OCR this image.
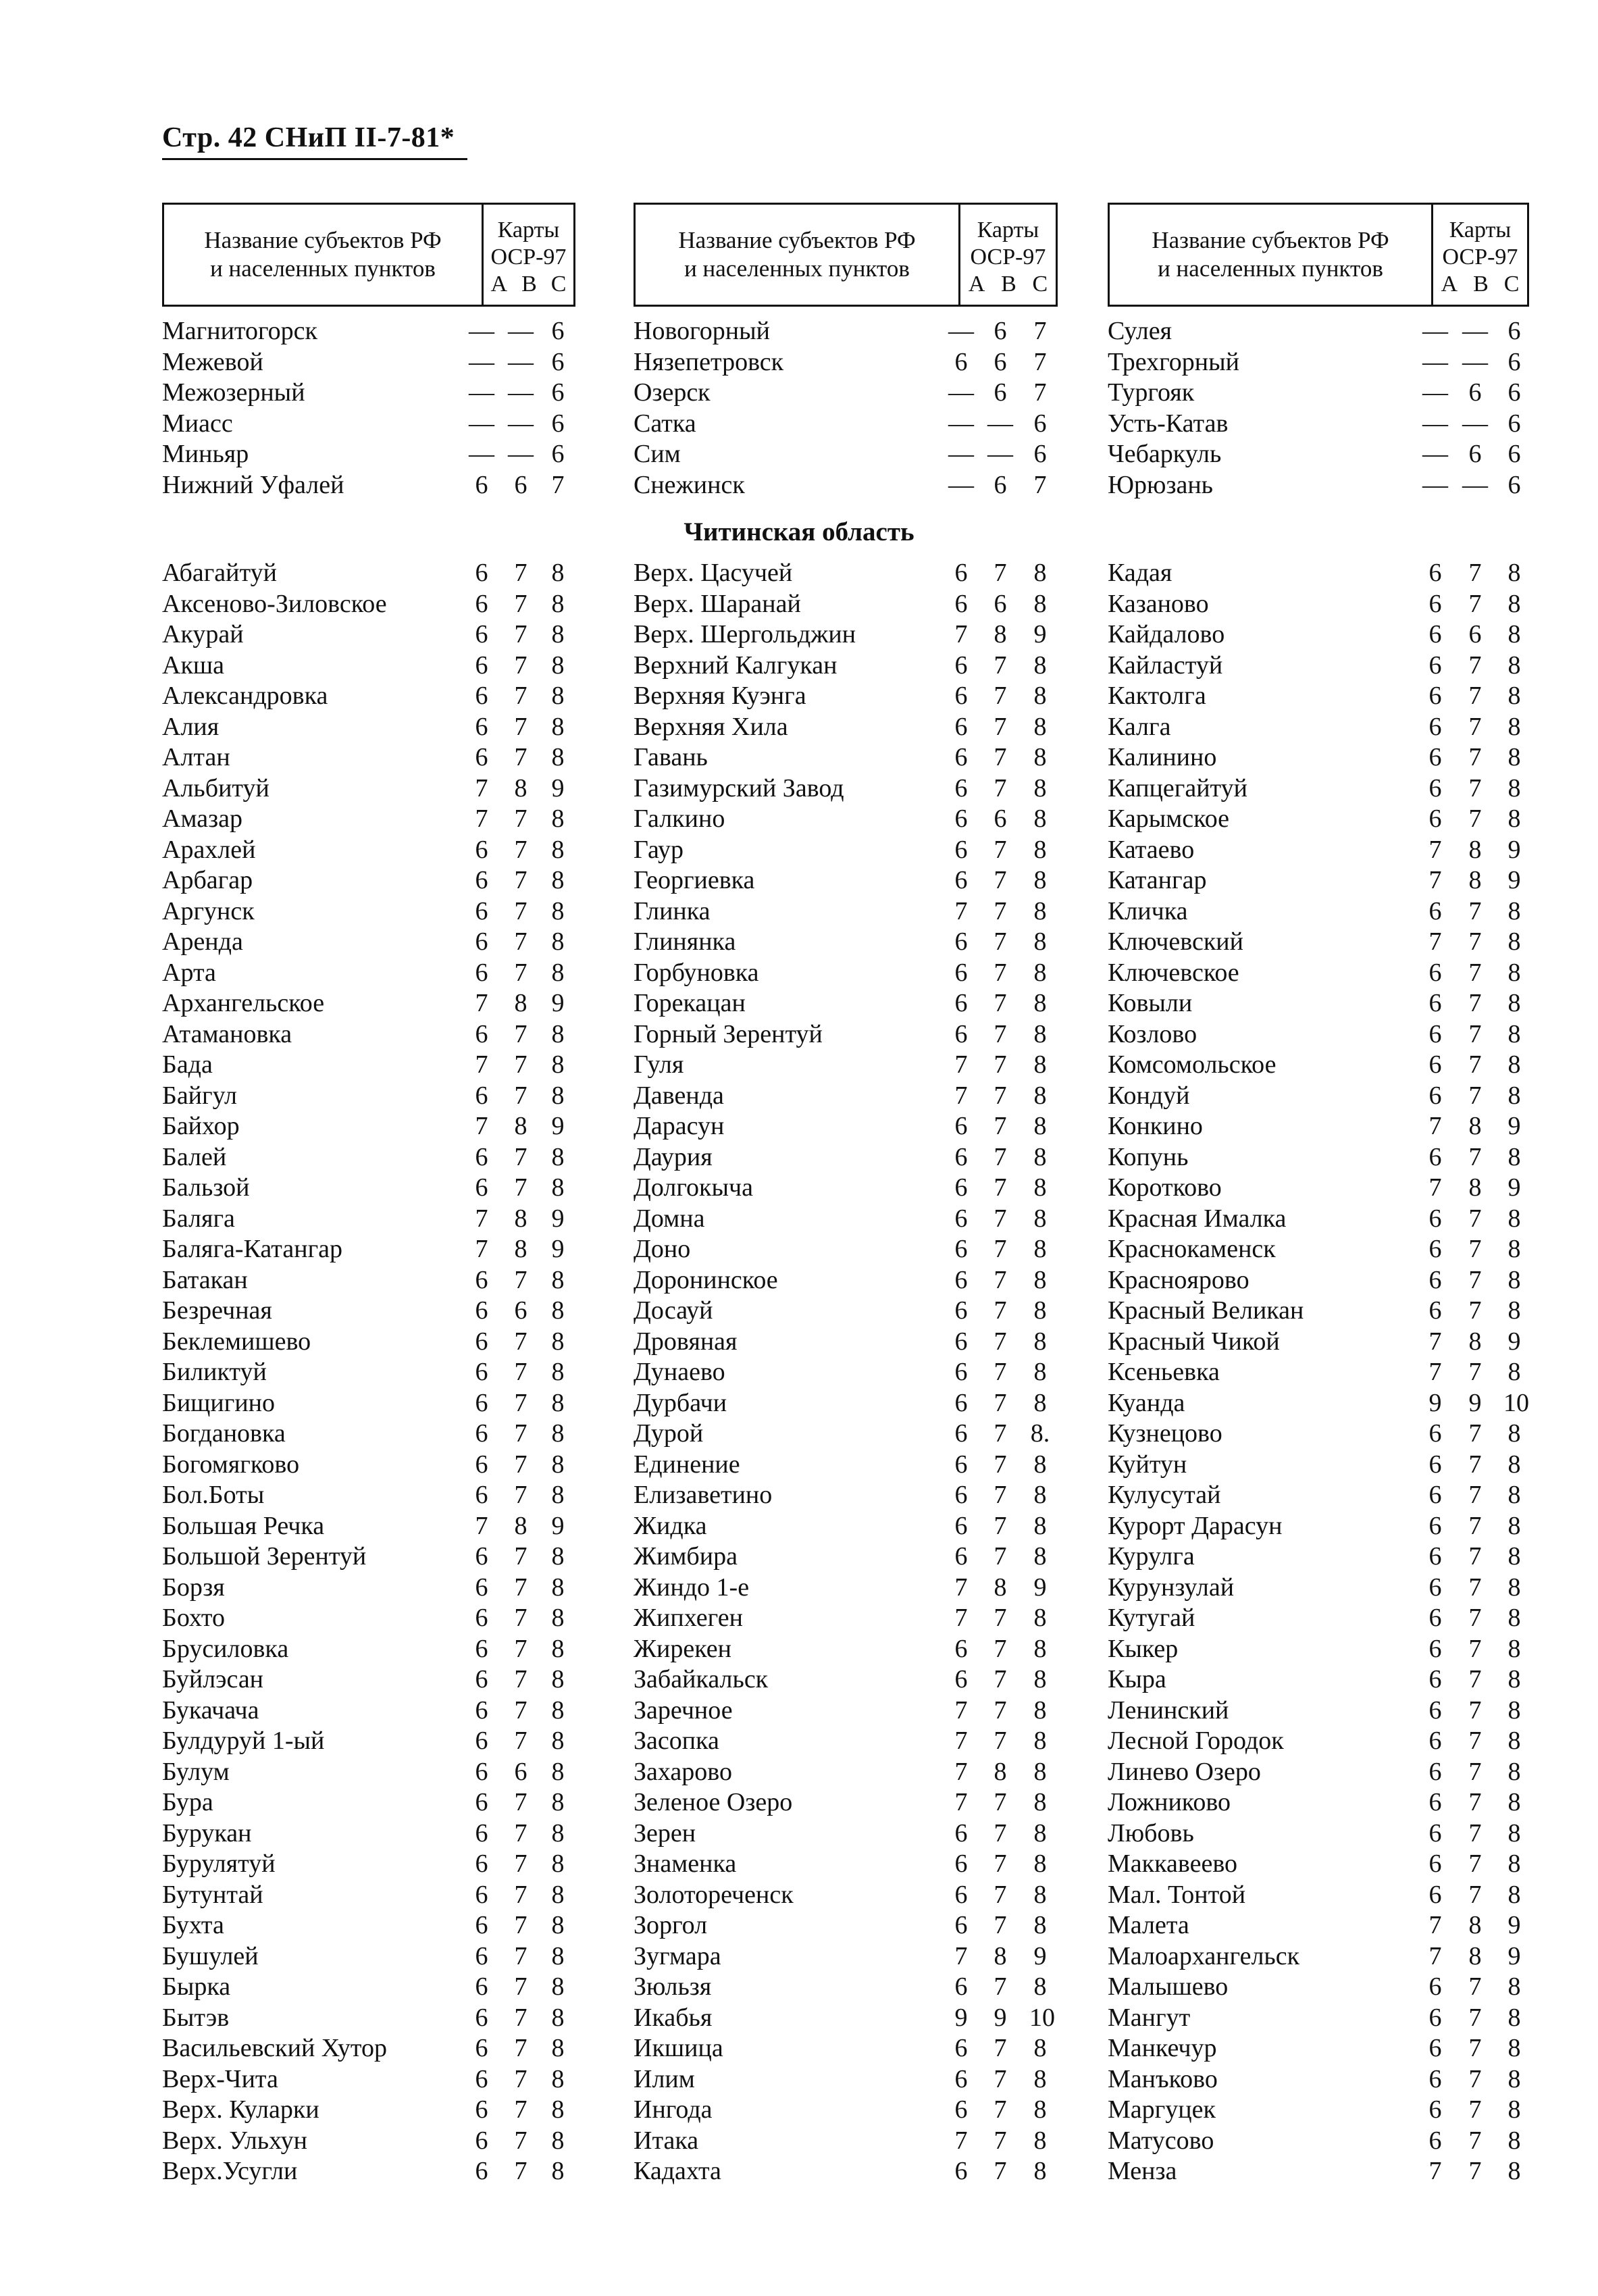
Стр. 42 СНиП II-7-81*
Читинская область
Название субъектов РФ
и населенных пунктов
Карты
ОСР-97
A B C
Магнитогорск	— — 6
Межевой	— — 6
Межозерный	— — 6
Миасс	— — 6
Миньяр	— — 6
Нижний Уфалей	6 6 7
Абагайтуй	6 7 8
Аксеново-Зиловское	6 7 8
Акурай	6 7 8
Акша	6 7 8
Александровка	6 7 8
Алия	6 7 8
Алтан	6 7 8
Альбитуй	7 8 9
Амазар	7 7 8
Арахлей	6 7 8
Арбагар	6 7 8
Аргунск	6 7 8
Аренда	6 7 8
Арта	6 7 8
Архангельское	7 8 9
Атамановка	6 7 8
Бада	7 7 8
Байгул	6 7 8
Байхор	7 8 9
Балей	6 7 8
Бальзой	6 7 8
Баляга	7 8 9
Баляга-Катангар	7 8 9
Батакан	6 7 8
Безречная	6 6 8
Беклемишево	6 7 8
Биликтуй	6 7 8
Бищигино	6 7 8
Богдановка	6 7 8
Богомягково	6 7 8
Бол.Боты	6 7 8
Большая Речка	7 8 9
Большой Зерентуй	6 7 8
Борзя	6 7 8
Бохто	6 7 8
Брусиловка	6 7 8
Буйлэсан	6 7 8
Букачача	6 7 8
Булдуруй 1-ый	6 7 8
Булум	6 6 8
Бура	6 7 8
Бурукан	6 7 8
Бурулятуй	6 7 8
Бутунтай	6 7 8
Бухта	6 7 8
Бушулей	6 7 8
Бырка	6 7 8
Бытэв	6 7 8
Васильевский Хутор	6 7 8
Верх-Чита	6 7 8
Верх. Куларки	6 7 8
Верх. Ульхун	6 7 8
Верх.Усугли	6 7 8
Название субъектов РФ
и населенных пунктов
Карты
ОСР-97
A B C
Новогорный	— 6 7
Нязепетровск	6 6 7
Озерск	— 6 7
Сатка	— — 6
Сим	— — 6
Снежинск	— 6 7
Верх. Цасучей	6 7 8
Верх. Шаранай	6 6 8
Верх. Шергольджин	7 8 9
Верхний Калгукан	6 7 8
Верхняя Куэнга	6 7 8
Верхняя Хила	6 7 8
Гавань	6 7 8
Газимурский Завод	6 7 8
Галкино	6 6 8
Гаур	6 7 8
Георгиевка	6 7 8
Глинка	7 7 8
Глинянка	6 7 8
Горбуновка	6 7 8
Горекацан	6 7 8
Горный Зерентуй	6 7 8
Гуля	7 7 8
Давенда	7 7 8
Дарасун	6 7 8
Даурия	6 7 8
Долгокыча	6 7 8
Домна	6 7 8
Доно	6 7 8
Доронинское	6 7 8
Досауй	6 7 8
Дровяная	6 7 8
Дунаево	6 7 8
Дурбачи	6 7 8
Дурой	6 7 8.
Единение	6 7 8
Елизаветино	6 7 8
Жидка	6 7 8
Жимбира	6 7 8
Жиндо 1-е	7 8 9
Жипхеген	7 7 8
Жирекен	6 7 8
Забайкальск	6 7 8
Заречное	7 7 8
Засопка	7 7 8
Захарово	7 8 8
Зеленое Озеро	7 7 8
Зерен	6 7 8
Знаменка	6 7 8
Золотореченск	6 7 8
Зоргол	6 7 8
Зугмара	7 8 9
Зюльзя	6 7 8
Икабья	9 9 10
Икшица	6 7 8
Илим	6 7 8
Ингода	6 7 8
Итака	7 7 8
Кадахта	6 7 8
Название субъектов РФ
и населенных пунктов
Карты
ОСР-97
A B C
Сулея	— — 6
Трехгорный	— — 6
Тургояк	— 6 6
Усть-Катав	— — 6
Чебаркуль	— 6 6
Юрюзань	— — 6
Кадая	6 7 8
Казаново	6 7 8
Кайдалово	6 6 8
Кайластуй	6 7 8
Кактолга	6 7 8
Калга	6 7 8
Калинино	6 7 8
Капцегайтуй	6 7 8
Карымское	6 7 8
Катаево	7 8 9
Катангар	7 8 9
Кличка	6 7 8
Ключевский	7 7 8
Ключевское	6 7 8
Ковыли	6 7 8
Козлово	6 7 8
Комсомольское	6 7 8
Кондуй	6 7 8
Конкино	7 8 9
Копунь	6 7 8
Коротково	7 8 9
Красная Ималка	6 7 8
Краснокаменск	6 7 8
Краснoярово	6 7 8
Красный Великан	6 7 8
Красный Чикой	7 8 9
Ксеньевка	7 7 8
Куанда	9 9 10
Кузнецово	6 7 8
Куйтун	6 7 8
Кулусутай	6 7 8
Курорт Дарасун	6 7 8
Курулга	6 7 8
Курунзулай	6 7 8
Кутугай	6 7 8
Кыкер	6 7 8
Кыра	6 7 8
Ленинский	6 7 8
Лесной Городок	6 7 8
Линево Озеро	6 7 8
Ложниково	6 7 8
Любовь	6 7 8
Маккавеево	6 7 8
Мал. Тонтой	6 7 8
Малета	7 8 9
Малоархангельск	7 8 9
Малышево	6 7 8
Мангут	6 7 8
Манкечур	6 7 8
Манъково	6 7 8
Маргуцек	6 7 8
Матусово	6 7 8
Менза	7 7 8
